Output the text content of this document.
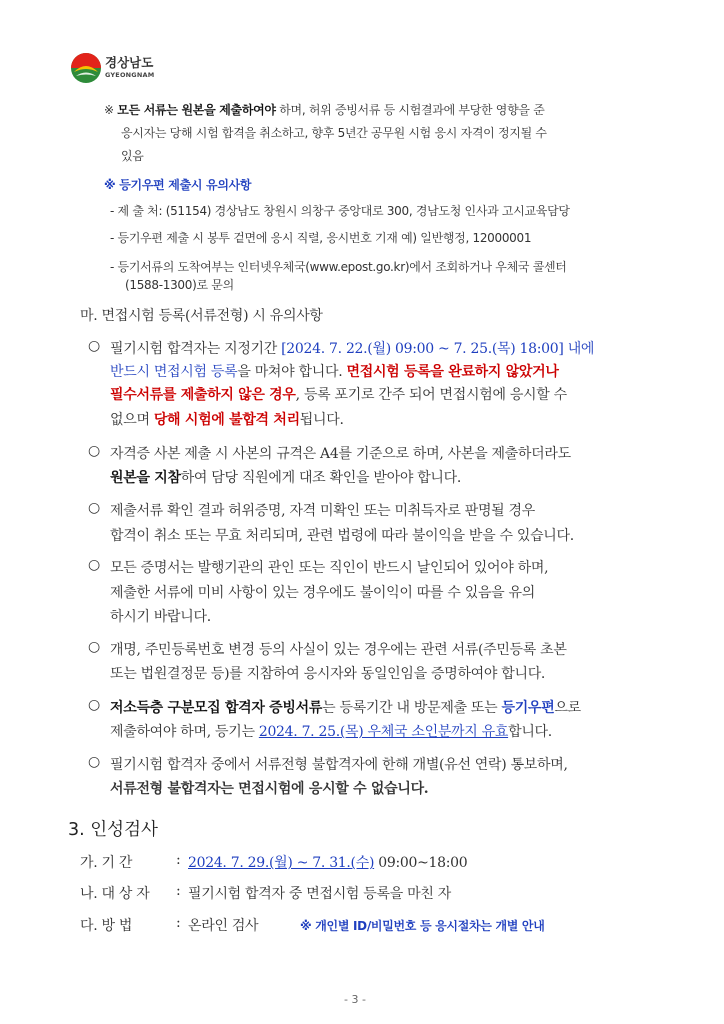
경상남도
GYEONGNAM
※ 모든 서류는 원본을 제출하여야 하며, 허위 증빙서류 등 시험결과에 부당한 영향을 준
응시자는 당해 시험 합격을 취소하고, 향후 5년간 공무원 시험 응시 자격이 정지될 수
있음
※ 등기우편 제출시 유의사항
- 제 출 처: (51154) 경상남도 창원시 의창구 중앙대로 300, 경남도청 인사과 고시교육담당
- 등기우편 제출 시 봉투 겉면에 응시 직렬, 응시번호 기재 예) 일반행정, 12000001
- 등기서류의 도착여부는 인터넷우체국(www.epost.go.kr)에서 조회하거나 우체국 콜센터
(1588-1300)로 문의
마. 면접시험 등록(서류전형) 시 유의사항
○ 필기시험 합격자는 지정기간 [2024. 7. 22.(월) 09:00 ~ 7. 25.(목) 18:00] 내에
반드시 면접시험 등록을 마쳐야 합니다. 면접시험 등록을 완료하지 않았거나
필수서류를 제출하지 않은 경우, 등록 포기로 간주 되어 면접시험에 응시할 수
없으며 당해 시험에 불합격 처리됩니다.
○ 자격증 사본 제출 시 사본의 규격은 A4를 기준으로 하며, 사본을 제출하더라도
원본을 지참하여 담당 직원에게 대조 확인을 받아야 합니다.
○ 제출서류 확인 결과 허위증명, 자격 미확인 또는 미취득자로 판명될 경우
합격이 취소 또는 무효 처리되며, 관련 법령에 따라 불이익을 받을 수 있습니다.
○ 모든 증명서는 발행기관의 관인 또는 직인이 반드시 날인되어 있어야 하며,
제출한 서류에 미비 사항이 있는 경우에도 불이익이 따를 수 있음을 유의
하시기 바랍니다.
○ 개명, 주민등록번호 변경 등의 사실이 있는 경우에는 관련 서류(주민등록 초본
또는 법원결정문 등)를 지참하여 응시자와 동일인임을 증명하여야 합니다.
○ 저소득층 구분모집 합격자 증빙서류는 등록기간 내 방문제출 또는 등기우편으로
제출하여야 하며, 등기는 2024. 7. 25.(목) 우체국 소인분까지 유효합니다.
○ 필기시험 합격자 중에서 서류전형 불합격자에 한해 개별(유선 연락) 통보하며,
서류전형 불합격자는 면접시험에 응시할 수 없습니다.
3. 인성검사
가. 기 간	: 2024. 7. 29.(월) ~ 7. 31.(수) 09:00~18:00
나. 대 상 자 : 필기시험 합격자 중 면접시험 등록을 마친 자
다. 방 법	: 온라인 검사	※ 개인별 ID/비밀번호 등 응시절차는 개별 안내
- 3 -
